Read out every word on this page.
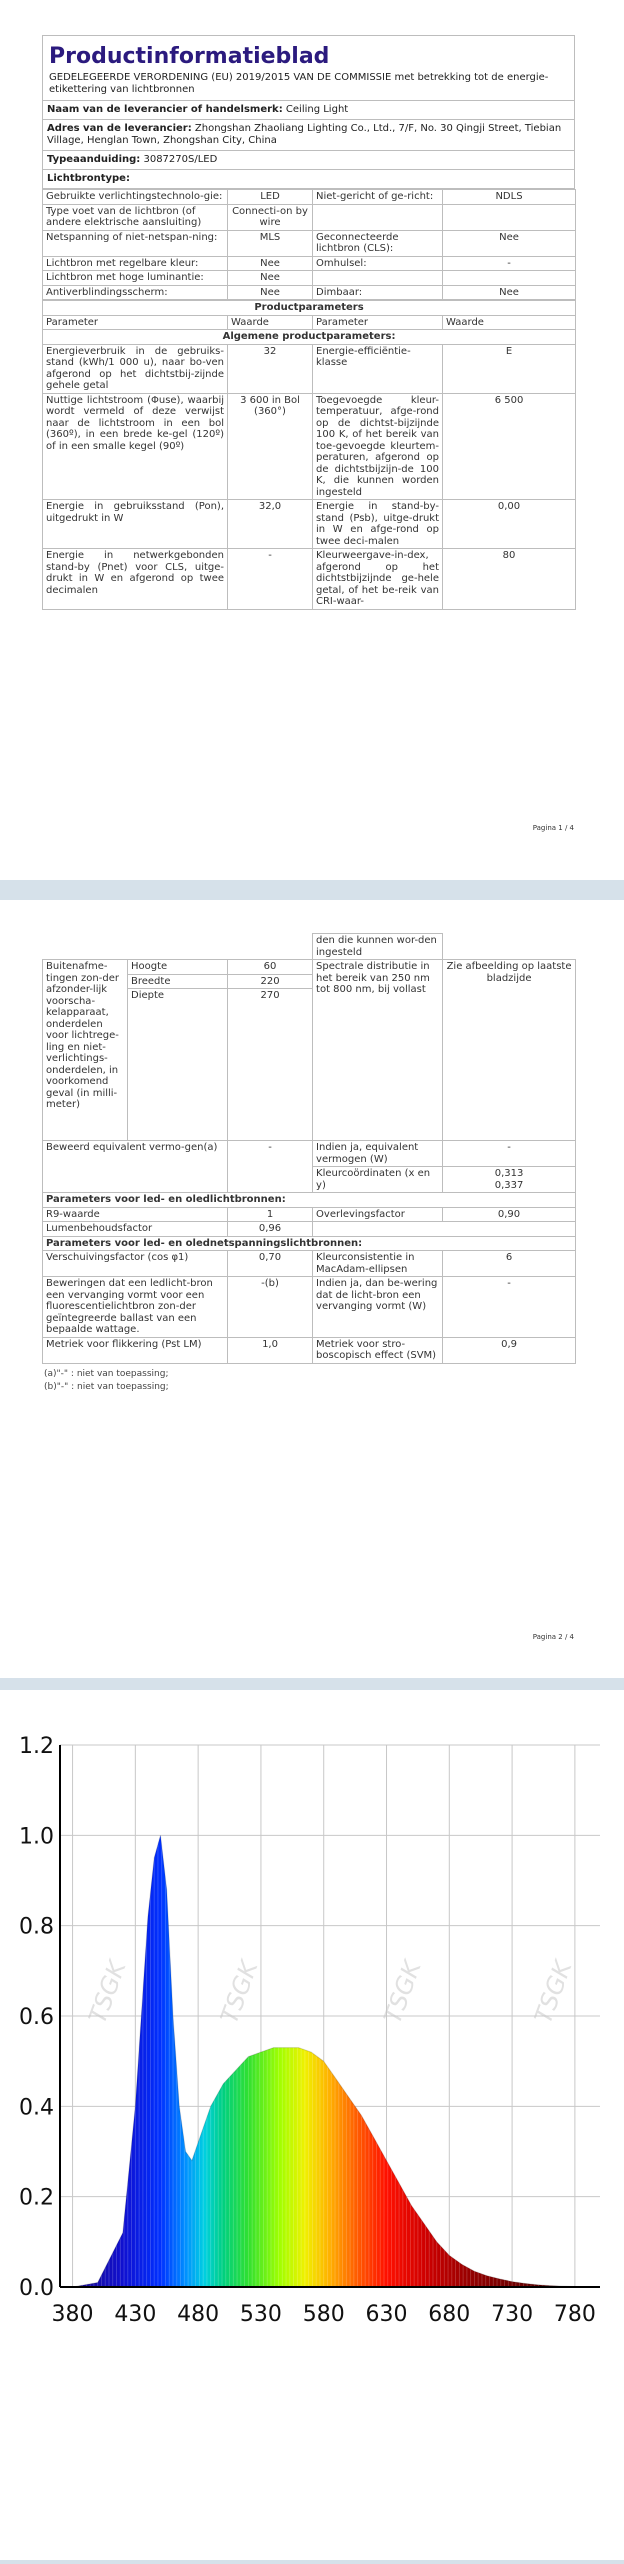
Productinformatieblad
GEDELEGEERDE VERORDENING (EU) 2019/2015 VAN DE COMMISSIE met betrekking tot de energie-etikettering van lichtbronnen
Naam van de leverancier of handelsmerk: Ceiling Light
Adres van de leverancier: Zhongshan Zhaoliang Lighting Co., Ltd., 7/F, No. 30 Qingji Street, Tiebian Village, Henglan Town, Zhongshan City, China
Typeaanduiding: 3087270S/LED
Lichtbrontype:
Gebruikte verlichtingstechnolo-gie:	LED	Niet-gericht of ge-richt:	NDLS
Type voet van de lichtbron (of andere elektrische aansluiting)	Connecti-on by wire		
Netspanning of niet-netspan-ning:	MLS	Geconnecteerde lichtbron (CLS):	Nee
Lichtbron met regelbare kleur:	Nee	Omhulsel:	-
Lichtbron met hoge luminantie:	Nee		
Antiverblindingsscherm:	Nee	Dimbaar:	Nee
Productparameters			
Parameter	Waarde	Parameter	Waarde
Algemene productparameters:			
Energieverbruik in de gebruiks-stand (kWh/1 000 u), naar bo-ven afgerond op het dichtstbij-zijnde gehele getal	32	Energie-efficiëntie-klasse	E
Nuttige lichtstroom (Φuse), waarbij wordt vermeld of deze verwijst naar de lichtstroom in een bol (360º), in een brede ke-gel (120º) of in een smalle kegel (90º)	3 600 in Bol (360°)	Toegevoegde kleur-temperatuur, afge-rond op de dichtst-bijzijnde 100 K, of het bereik van toe-gevoegde kleurtem-peraturen, afgerond op de dichtstbijzijn-de 100 K, die kunnen worden ingesteld	6 500
Energie in gebruiksstand (Pon), uitgedrukt in W	32,0	Energie in stand-by-stand (Psb), uitge-drukt in W en afge-rond op twee deci-malen	0,00
Energie in netwerkgebonden stand-by (Pnet) voor CLS, uitge-drukt in W en afgerond op twee decimalen	-	Kleurweergave-in-dex, afgerond op het dichtstbijzijnde ge-hele getal, of het be-reik van CRI-waar-	80
Pagina 1 / 4
			den die kunnen wor-den ingesteld	
Buitenafme-tingen zon-der afzonder-lijk voorscha-kelapparaat, onderdelen voor lichtrege-ling en niet-verlichtings-onderdelen, in voorkomend geval (in milli-meter)	Hoogte	60	Spectrale distributie in het bereik van 250 nm tot 800 nm, bij vollast	Zie afbeelding op laatste bladzijde
	Breedte	220		
	Diepte	270		
Beweerd equivalent vermo-gen(a)		-	Indien ja, equivalent vermogen (W)	-
			Kleurcoördinaten (x en y)	0,313
0,337

Parameters voor led- en oledlichtbronnen:				
R9-waarde		1	Overlevingsfactor	0,90
Lumenbehoudsfactor		0,96		
Parameters voor led- en olednetspanningslichtbronnen:				
Verschuivingsfactor (cos φ1)		0,70	Kleurconsistentie in MacAdam-ellipsen	6
Beweringen dat een ledlicht-bron een vervanging vormt voor een fluorescentielichtbron zon-der geïntegreerde ballast van een bepaalde wattage.		-(b)	Indien ja, dan be-wering dat de licht-bron een vervanging vormt (W)	-
Metriek voor flikkering (Pst LM)		1,0	Metriek voor stro-boscopisch effect (SVM)	0,9
(a)"-" : niet van toepassing;
(b)"-" : niet van toepassing;
Pagina 2 / 4
TSGK	TSGK	TSGK	TSGK
380 430 480 530 580 630 680 730 780
0.0
0.2
0.4
0.6
0.8
1.0
1.2
